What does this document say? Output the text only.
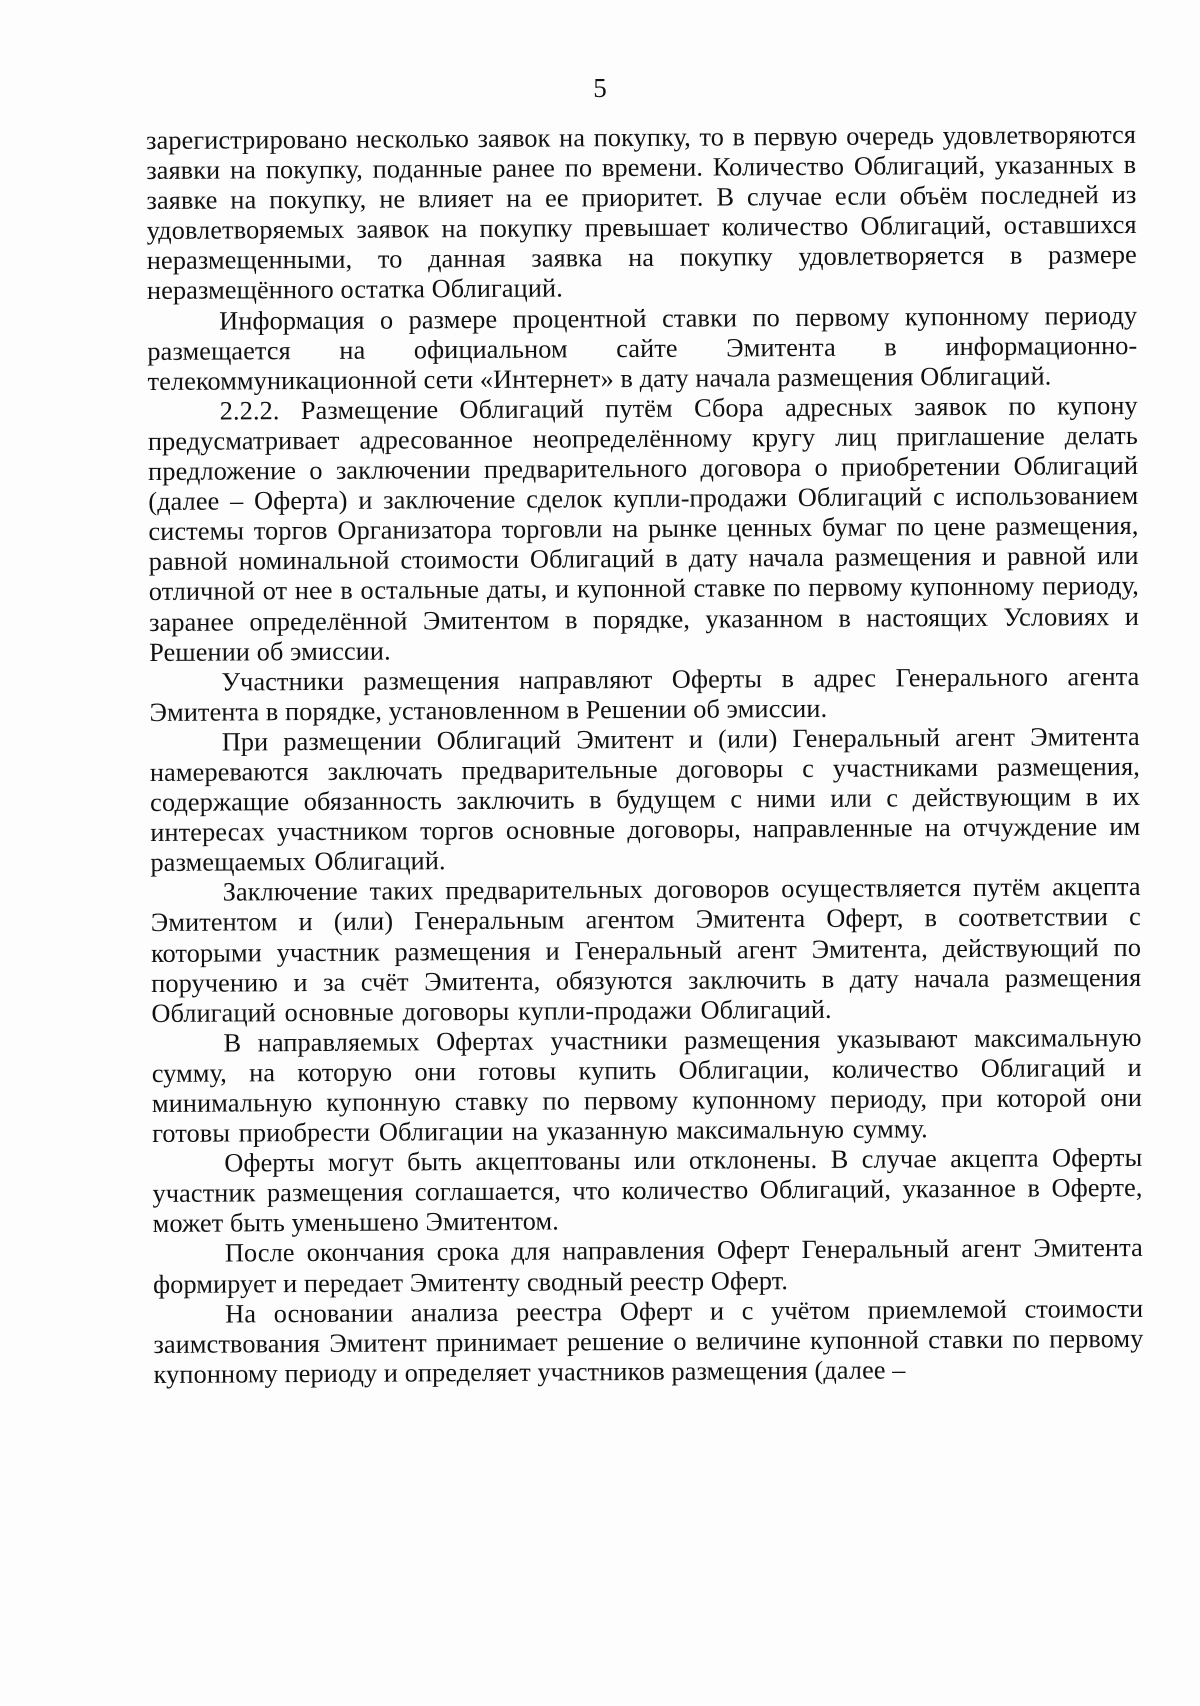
5

зарегистрировано несколько заявок на покупку, то в первую очередь удовлетворяются заявки на покупку, поданные ранее по времени. Количество Облигаций, указанных в заявке на покупку, не влияет на ее приоритет. В случае если объём последней из удовлетворяемых заявок на покупку превышает количество Облигаций, оставшихся неразмещенными, то данная заявка на покупку удовлетворяется в размере неразмещённого остатка Облигаций.

Информация о размере процентной ставки по первому купонному периоду размещается на официальном сайте Эмитента в информационно-телекоммуникационной сети «Интернет» в дату начала размещения Облигаций.

2.2.2. Размещение Облигаций путём Сбора адресных заявок по купону предусматривает адресованное неопределённому кругу лиц приглашение делать предложение о заключении предварительного договора о приобретении Облигаций (далее – Оферта) и заключение сделок купли-продажи Облигаций с использованием системы торгов Организатора торговли на рынке ценных бумаг по цене размещения, равной номинальной стоимости Облигаций в дату начала размещения и равной или отличной от нее в остальные даты, и купонной ставке по первому купонному периоду, заранее определённой Эмитентом в порядке, указанном в настоящих Условиях и Решении об эмиссии.

Участники размещения направляют Оферты в адрес Генерального агента Эмитента в порядке, установленном в Решении об эмиссии.

При размещении Облигаций Эмитент и (или) Генеральный агент Эмитента намереваются заключать предварительные договоры с участниками размещения, содержащие обязанность заключить в будущем с ними или с действующим в их интересах участником торгов основные договоры, направленные на отчуждение им размещаемых Облигаций.

Заключение таких предварительных договоров осуществляется путём акцепта Эмитентом и (или) Генеральным агентом Эмитента Оферт, в соответствии с которыми участник размещения и Генеральный агент Эмитента, действующий по поручению и за счёт Эмитента, обязуются заключить в дату начала размещения Облигаций основные договоры купли-продажи Облигаций.

В направляемых Офертах участники размещения указывают максимальную сумму, на которую они готовы купить Облигации, количество Облигаций и минимальную купонную ставку по первому купонному периоду, при которой они готовы приобрести Облигации на указанную максимальную сумму.

Оферты могут быть акцептованы или отклонены. В случае акцепта Оферты участник размещения соглашается, что количество Облигаций, указанное в Оферте, может быть уменьшено Эмитентом.

После окончания срока для направления Оферт Генеральный агент Эмитента формирует и передает Эмитенту сводный реестр Оферт.

На основании анализа реестра Оферт и с учётом приемлемой стоимости заимствования Эмитент принимает решение о величине купонной ставки по первому купонному периоду и определяет участников размещения (далее –
